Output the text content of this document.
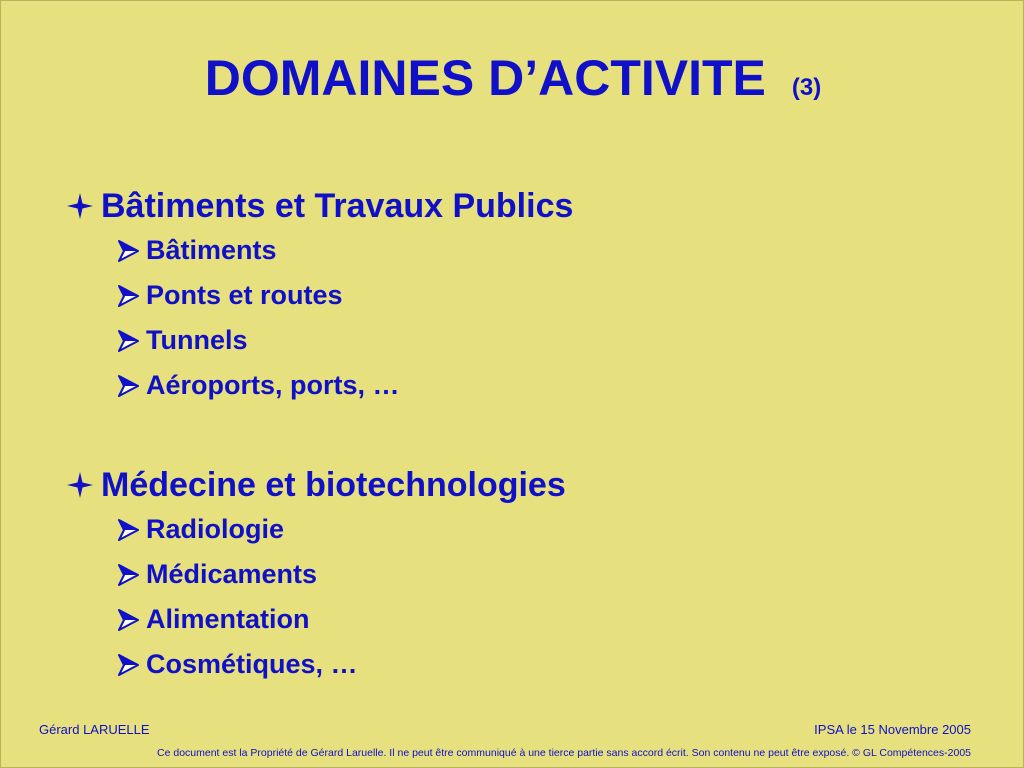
DOMAINES D’ACTIVITE (3)
Bâtiments et Travaux Publics
Bâtiments
Ponts et routes
Tunnels
Aéroports, ports, …
Médecine et biotechnologies
Radiologie
Médicaments
Alimentation
Cosmétiques, …
Gérard LARUELLE	IPSA le 15 Novembre 2005
Ce document est la Propriété de Gérard Laruelle. Il ne peut être communiqué à une tierce partie sans accord écrit. Son contenu ne peut être exposé. © GL Compétences-2005
